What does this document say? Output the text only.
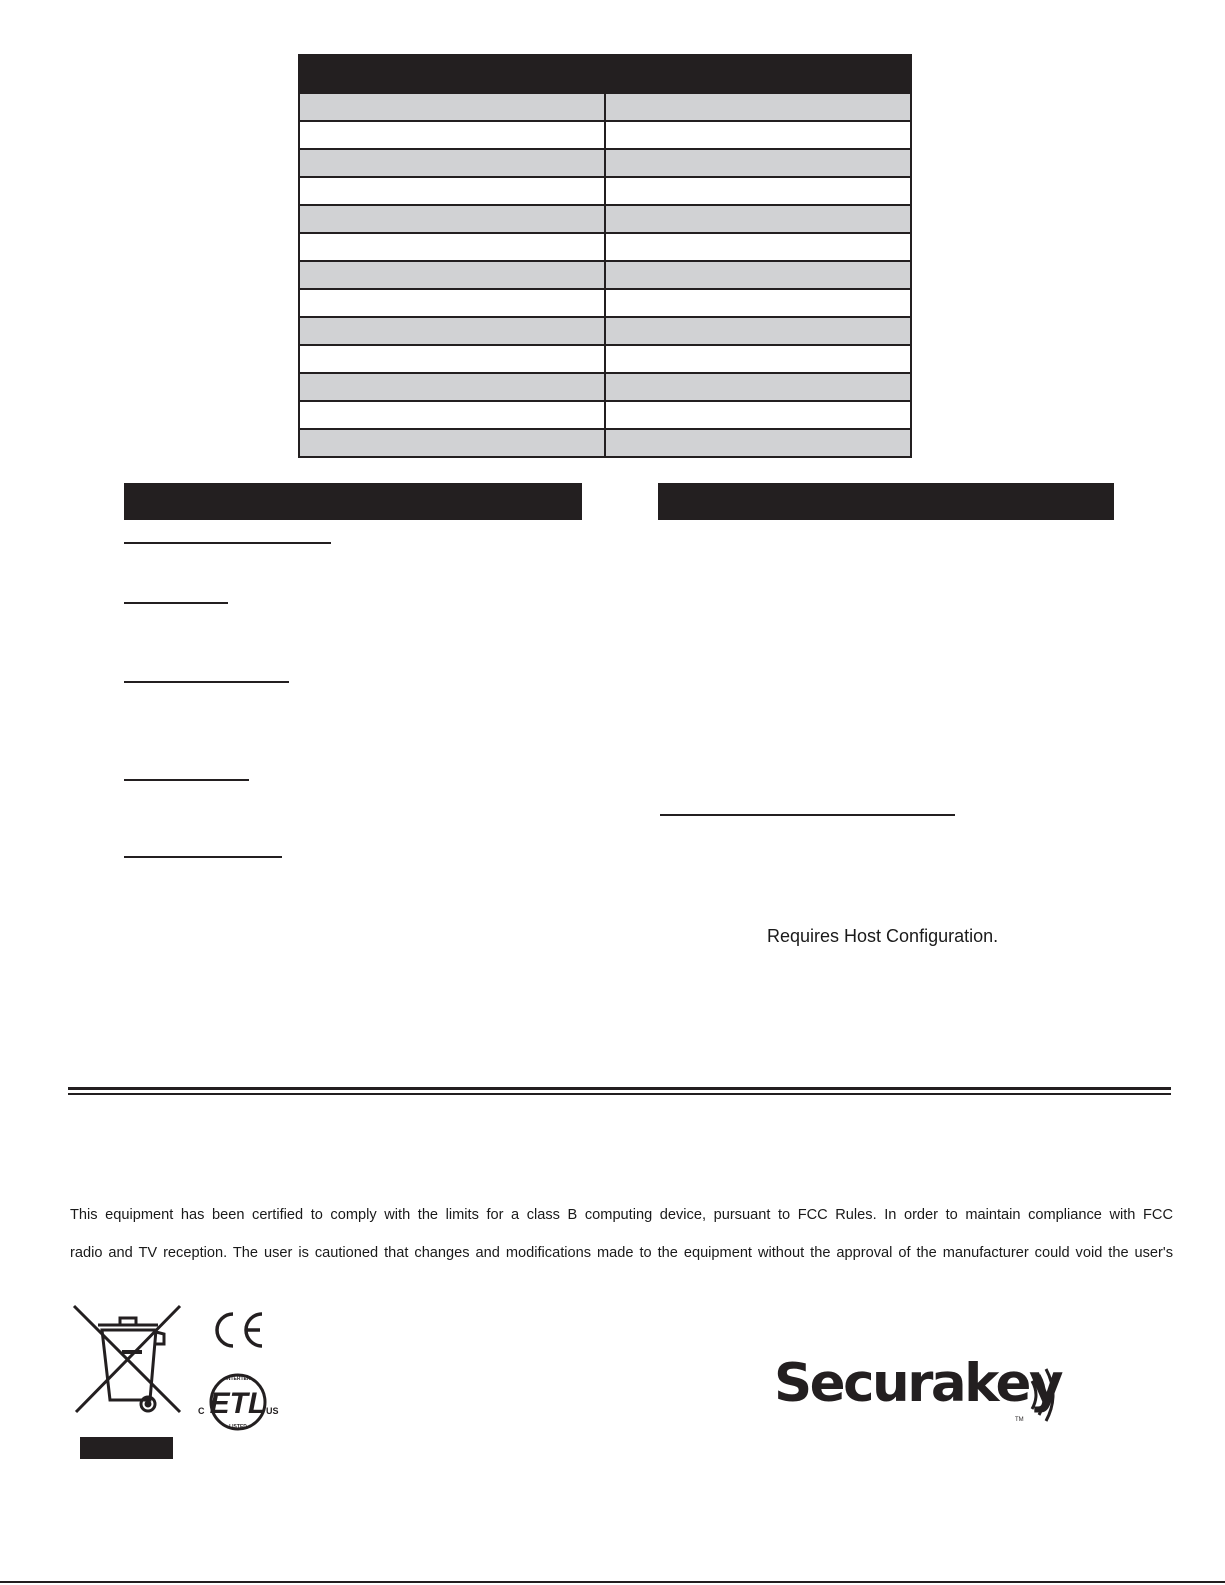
Requires Host Configuration.
This equipment has been certified to comply with the limits for a class B computing device, pursuant to FCC Rules. In order to maintain compliance with FCC
radio and TV reception. The user is cautioned that changes and modifications made to the equipment without the approval of the manufacturer could void the user's
ETL
INTERTEK
LISTED
C	US	Securakey
TM
